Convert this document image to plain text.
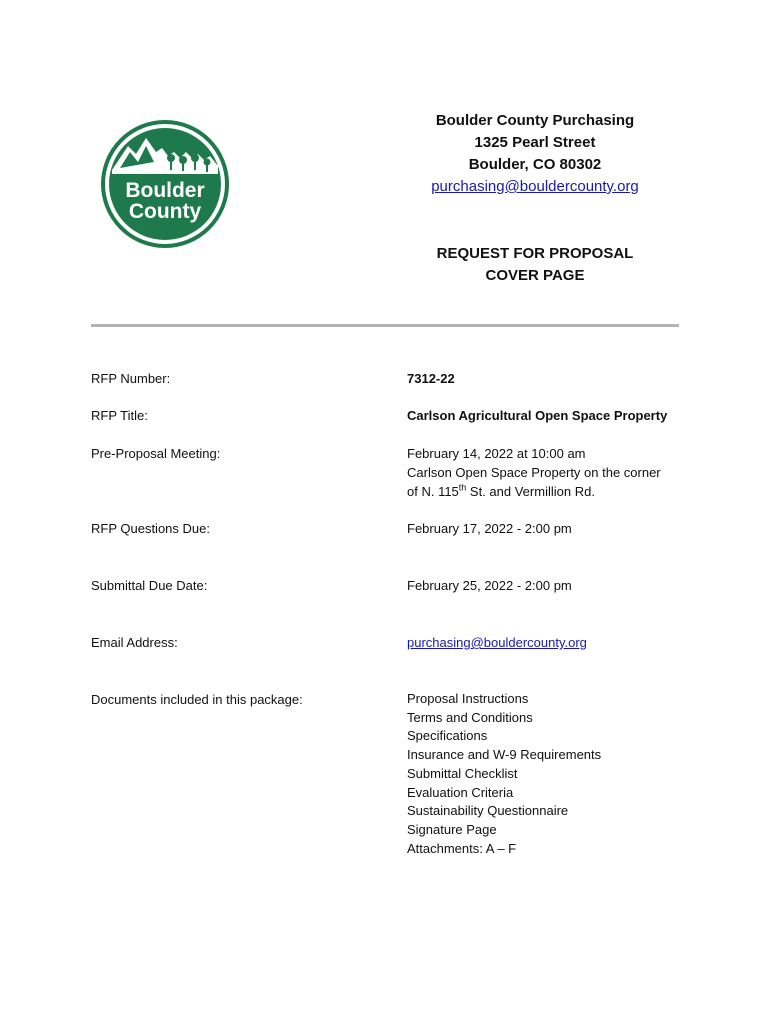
Boulder
County
Boulder County Purchasing
1325 Pearl Street
Boulder, CO 80302
purchasing@bouldercounty.org
REQUEST FOR PROPOSAL
COVER PAGE
RFP Number:	7312-22
RFP Title:	Carlson Agricultural Open Space Property
Pre-Proposal Meeting:	February 14, 2022 at 10:00 am
Carlson Open Space Property on the corner
of N. 115th St. and Vermillion Rd.
RFP Questions Due:	February 17, 2022 - 2:00 pm
Submittal Due Date:	February 25, 2022 - 2:00 pm
Email Address:	purchasing@bouldercounty.org
Documents included in this package:	Proposal Instructions
Terms and Conditions
Specifications
Insurance and W-9 Requirements
Submittal Checklist
Evaluation Criteria
Sustainability Questionnaire
Signature Page
Attachments: A – F
